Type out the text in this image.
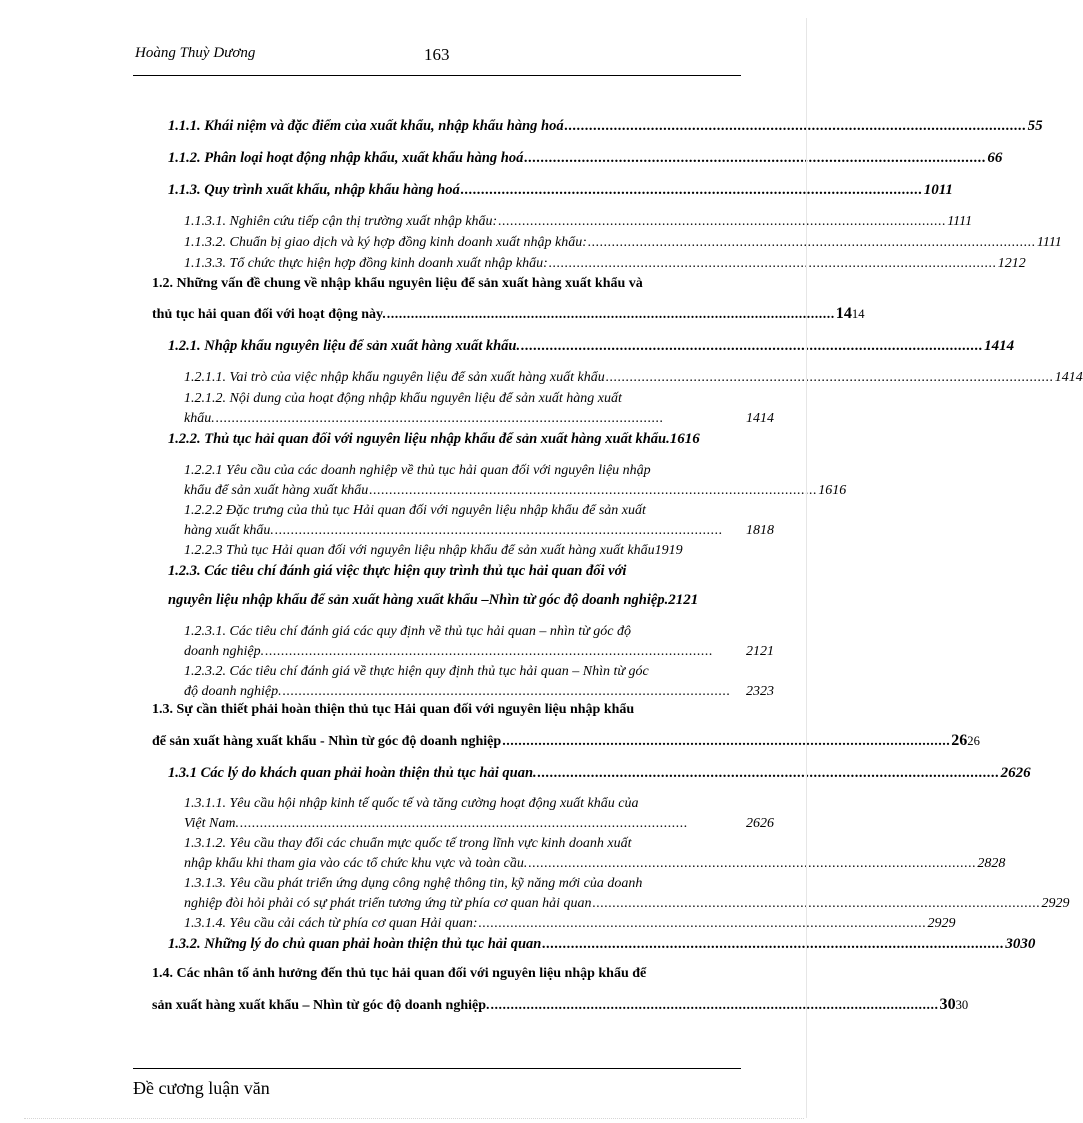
Hoàng Thuỳ Dương	163
1.1.1. Khái niệm và đặc điểm của xuất khẩu, nhập khẩu hàng hoá ................................................................................................................ 55
1.1.2. Phân loại hoạt động nhập khẩu, xuất khẩu hàng hoá ................................................................................................................ 66
1.1.3. Quy trình xuất khẩu, nhập khẩu hàng hoá ................................................................................................................ 1011
1.1.3.1. Nghiên cứu tiếp cận thị trường xuất nhập khẩu: ................................................................................................................ 1111
1.1.3.2. Chuẩn bị giao dịch và ký hợp đồng kinh doanh xuất nhập khẩu: ................................................................................................................ 1111
1.1.3.3. Tổ chức thực hiện hợp đồng kinh doanh xuất nhập khẩu: ................................................................................................................ 1212
1.2. Những vấn đề chung về nhập khẩu nguyên liệu để sản xuất hàng xuất khẩu và
thủ tục hải quan đối với hoạt động này. ................................................................................................................ 1414
1.2.1. Nhập khẩu nguyên liệu để sản xuất hàng xuất khẩu. ................................................................................................................ 1414
1.2.1.1. Vai trò của việc nhập khẩu nguyên liệu để sản xuất hàng xuất khẩu ................................................................................................................ 1414
1.2.1.2. Nội dung của hoạt động nhập khẩu nguyên liệu để sản xuất hàng xuất
khẩu. ................................................................................................................	1414
1.2.2. Thủ tục hải quan đối với nguyên liệu nhập khẩu để sản xuất hàng xuất khẩu. 1616
1.2.2.1 Yêu cầu của các doanh nghiệp về thủ tục hải quan đối với nguyên liệu nhập
khẩu để sản xuất hàng xuất khẩu ................................................................................................................ 1616
1.2.2.2 Đặc trưng của thủ tục Hải quan đối với nguyên liệu nhập khẩu để sản xuất
hàng xuất khẩu. ................................................................................................................	1818
1.2.2.3 Thủ tục Hải quan đối với nguyên liệu nhập khẩu để sản xuất hàng xuất khẩu 1919
1.2.3. Các tiêu chí đánh giá việc thực hiện quy trình thủ tục hải quan đối với
nguyên liệu nhập khẩu để sản xuất hàng xuất khẩu –Nhìn từ góc độ doanh nghiệp. 2121
1.2.3.1. Các tiêu chí đánh giá các quy định về thủ tục hải quan – nhìn từ góc độ
doanh nghiệp. ................................................................................................................	2121
1.2.3.2. Các tiêu chí đánh giá về thực hiện quy định thủ tục hải quan – Nhìn từ góc
độ doanh nghiệp. ................................................................................................................	2323
1.3. Sự cần thiết phải hoàn thiện thủ tục Hải quan đối với nguyên liệu nhập khẩu
để sản xuất hàng xuất khẩu - Nhìn từ góc độ doanh nghiệp ................................................................................................................ 2626
1.3.1 Các lý do khách quan phải hoàn thiện thủ tục hải quan. ................................................................................................................ 2626
1.3.1.1. Yêu cầu hội nhập kinh tế quốc tế và tăng cường hoạt động xuất khẩu của
Việt Nam. ................................................................................................................	2626
1.3.1.2. Yêu cầu thay đổi các chuẩn mực quốc tế trong lĩnh vực kinh doanh xuất
nhập khẩu khi tham gia vào các tổ chức khu vực và toàn cầu. ................................................................................................................ 2828
1.3.1.3. Yêu cầu phát triển ứng dụng công nghệ thông tin, kỹ năng mới của doanh
nghiệp đòi hỏi phải có sự phát triển tương ứng từ phía cơ quan hải quan ................................................................................................................ 2929
1.3.1.4. Yêu cầu cải cách từ phía cơ quan Hải quan: ................................................................................................................ 2929
1.3.2. Những lý do chủ quan phải hoàn thiện thủ tục hải quan ................................................................................................................ 3030
1.4. Các nhân tố ảnh hưởng đến thủ tục hải quan đối với nguyên liệu nhập khẩu để
sản xuất hàng xuất khẩu – Nhìn từ góc độ doanh nghiệp. ................................................................................................................ 3030
Đề cương luận văn
